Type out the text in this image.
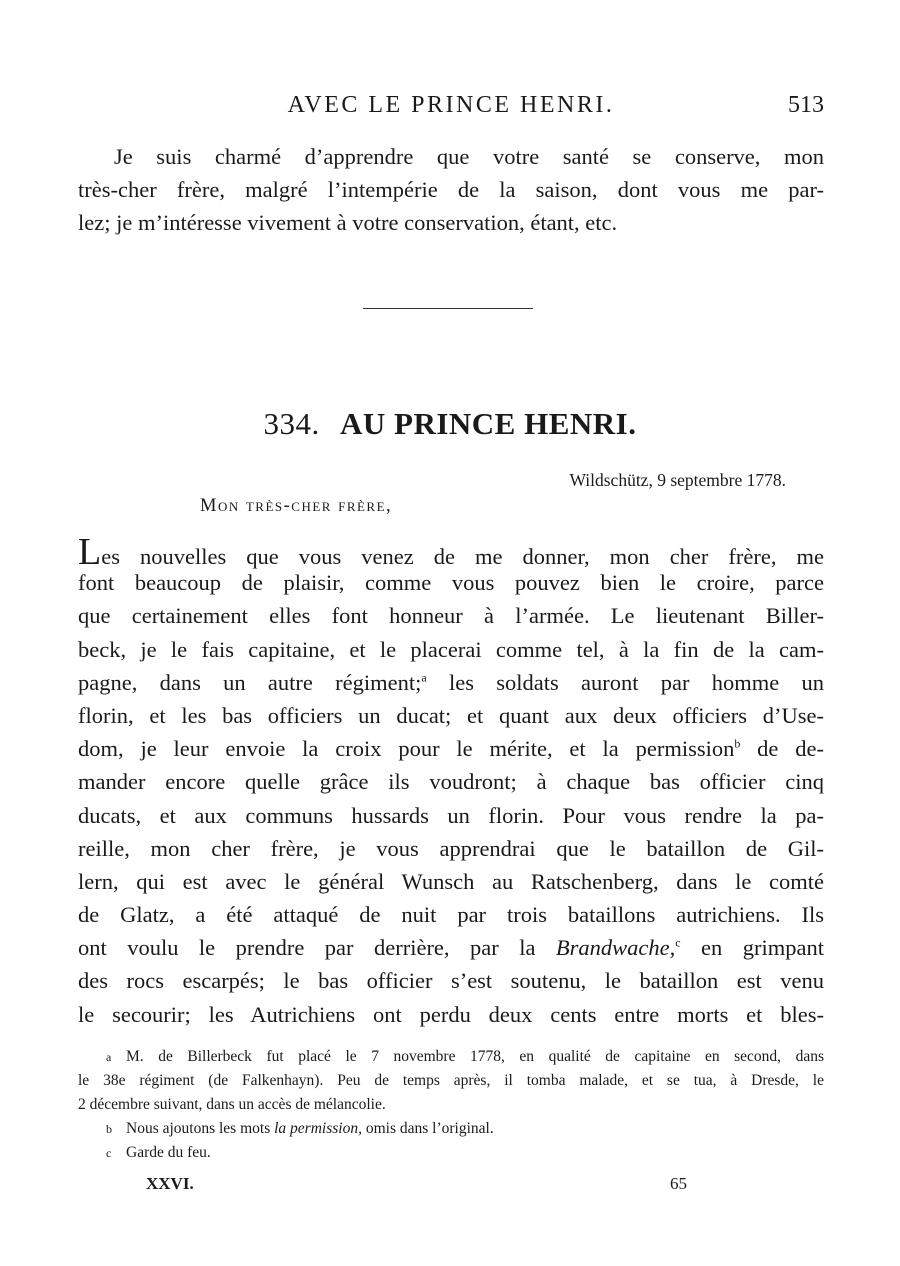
AVEC LE PRINCE HENRI.	513
Je suis charmé d’apprendre que votre santé se conserve, mon
très-cher frère, malgré l’intempérie de la saison, dont vous me par-
lez; je m’intéresse vivement à votre conservation, étant, etc.
334. AU PRINCE HENRI.
Wildschütz, 9 septembre 1778.
Mon très-cher frère,
Les nouvelles que vous venez de me donner, mon cher frère, me
font beaucoup de plaisir, comme vous pouvez bien le croire, parce
que certainement elles font honneur à l’armée. Le lieutenant Biller-
beck, je le fais capitaine, et le placerai comme tel, à la fin de la cam-
pagne, dans un autre régiment;$^a$ les soldats auront par homme un
florin, et les bas officiers un ducat; et quant aux deux officiers d’Use-
dom, je leur envoie la croix pour le mérite, et la permission$^b$ de de-
mander encore quelle grâce ils voudront; à chaque bas officier cinq
ducats, et aux communs hussards un florin. Pour vous rendre la pa-
reille, mon cher frère, je vous apprendrai que le bataillon de Gil-
lern, qui est avec le général Wunsch au Ratschenberg, dans le comté
de Glatz, a été attaqué de nuit par trois bataillons autrichiens. Ils
ont voulu le prendre par derrière, par la Brandwache,$^c$ en grimpant
des rocs escarpés; le bas officier s’est soutenu, le bataillon est venu
le secourir; les Autrichiens ont perdu deux cents entre morts et bles-
a M. de Billerbeck fut placé le 7 novembre 1778, en qualité de capitaine en second, dans
le 38e régiment (de Falkenhayn). Peu de temps après, il tomba malade, et se tua, à Dresde, le
2 décembre suivant, dans un accès de mélancolie.
b Nous ajoutons les mots la permission, omis dans l’original.
c Garde du feu.
XXVI.	65
